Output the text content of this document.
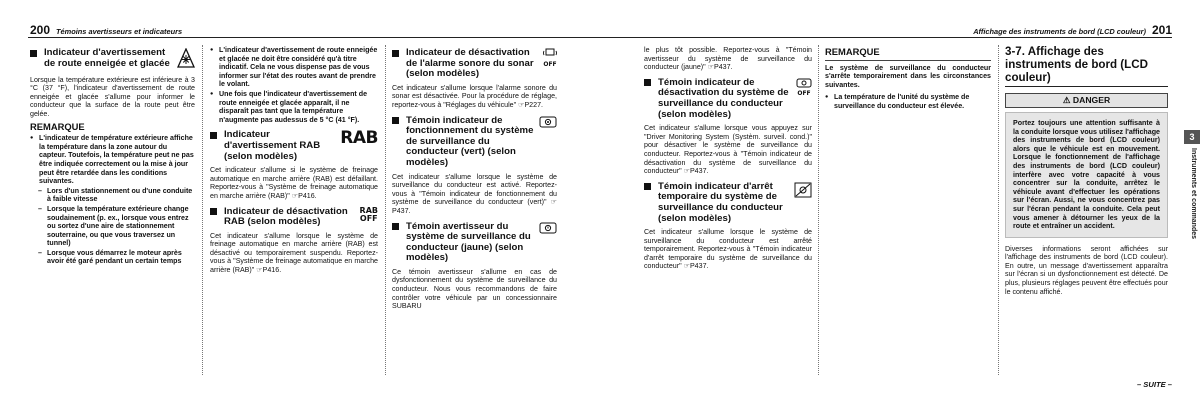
200 Témoins avertisseurs et indicateurs
Indicateur d'avertissement de route enneigée et glacée

Lorsque la température extérieure est inférieure à 3 °C (37 °F), l'indicateur d'avertissement de route enneigée et glacée s'allume pour informer le conducteur que la surface de la route peut être gelée.

REMARQUE
● L'indicateur de température extérieure affiche la température dans la zone autour du capteur. Toutefois, la température peut ne pas être indiquée correctement ou la mise à jour peut être retardée dans les conditions suivantes.
– Lors d'un stationnement ou d'une conduite à faible vitesse
– Lorsque la température extérieure change soudainement (p. ex., lorsque vous entrez ou sortez d'une aire de stationnement souterraine, ou que vous traversez un tunnel)
– Lorsque vous démarrez le moteur après avoir été garé pendant un certain temps
● L'indicateur d'avertissement de route enneigée et glacée ne doit être considéré qu'à titre indicatif. Cela ne vous dispense pas de vous informer sur l'état des routes avant de prendre le volant.
● Une fois que l'indicateur d'avertissement de route enneigée et glacée apparaît, il ne disparaît pas tant que la température n'augmente pas audessus de 5 °C (41 °F).
Indicateur d'avertissement RAB (selon modèles)
RAB

Cet indicateur s'allume si le système de freinage automatique en marche arrière (RAB) est défaillant. Reportez-vous à "Système de freinage automatique en marche arrière (RAB)" ☞P416.

Indicateur de désactivation RAB (selon modèles)
RAB
OFF

Cet indicateur s'allume lorsque le système de freinage automatique en marche arrière (RAB) est désactivé ou temporairement suspendu. Reportez-vous à "Système de freinage automatique en marche arrière (RAB)" ☞P416.

Indicateur de désactivation de l'alarme sonore du sonar (selon modèles)
OFF

Cet indicateur s'allume lorsque l'alarme sonore du sonar est désactivée. Pour la procédure de réglage, reportez-vous à "Réglages du véhicule" ☞P227.

Témoin indicateur de fonctionnement du système de surveillance du conducteur (vert) (selon modèles)

Cet indicateur s'allume lorsque le système de surveillance du conducteur est activé. Reportez-vous à "Témoin indicateur de fonctionnement du système de surveillance du conducteur (vert)" ☞P437.

Témoin avertisseur du système de surveillance du conducteur (jaune) (selon modèles)

Ce témoin avertisseur s'allume en cas de dysfonctionnement du système de surveillance du conducteur. Nous vous recommandons de faire contrôler votre véhicule par un concessionnaire SUBARU

Affichage des instruments de bord (LCD couleur) 201

le plus tôt possible. Reportez-vous à "Témoin avertisseur du système de surveillance du conducteur (jaune)" ☞P437.

Témoin indicateur de désactivation du système de surveillance du conducteur (selon modèles)
OFF

Cet indicateur s'allume lorsque vous appuyez sur "Driver Monitoring System (Systèm. surveil. cond.)" pour désactiver le système de surveillance du conducteur. Reportez-vous à "Témoin indicateur de désactivation du système de surveillance du conducteur" ☞P437.

Témoin indicateur d'arrêt temporaire du système de surveillance du conducteur (selon modèles)

Cet indicateur s'allume lorsque le système de surveillance du conducteur est arrêté temporairement. Reportez-vous à "Témoin indicateur d'arrêt temporaire du système de surveillance du conducteur" ☞P437.

REMARQUE

Le système de surveillance du conducteur s'arrête temporairement dans les circonstances suivantes.

● La température de l'unité du système de surveillance du conducteur est élevée.
3-7. Affichage des instruments de bord (LCD couleur)
⚠ DANGER
Portez toujours une attention suffisante à la conduite lorsque vous utilisez l'affichage des instruments de bord (LCD couleur) alors que le véhicule est en mouvement. Lorsque le fonctionnement de l'affichage des instruments de bord (LCD couleur) interfère avec votre capacité à vous concentrer sur la conduite, arrêtez le véhicule avant d'effectuer les opérations sur l'écran. Aussi, ne vous concentrez pas sur l'écran pendant la conduite. Cela peut vous amener à détourner les yeux de la route et entraîner un accident.

Diverses informations seront affichées sur l'affichage des instruments de bord (LCD couleur). En outre, un message d'avertissement apparaîtra sur l'écran si un dysfonctionnement est détecté. De plus, plusieurs réglages peuvent être effectués pour le contenu affiché.

3
Instruments et commandes
– SUITE –
